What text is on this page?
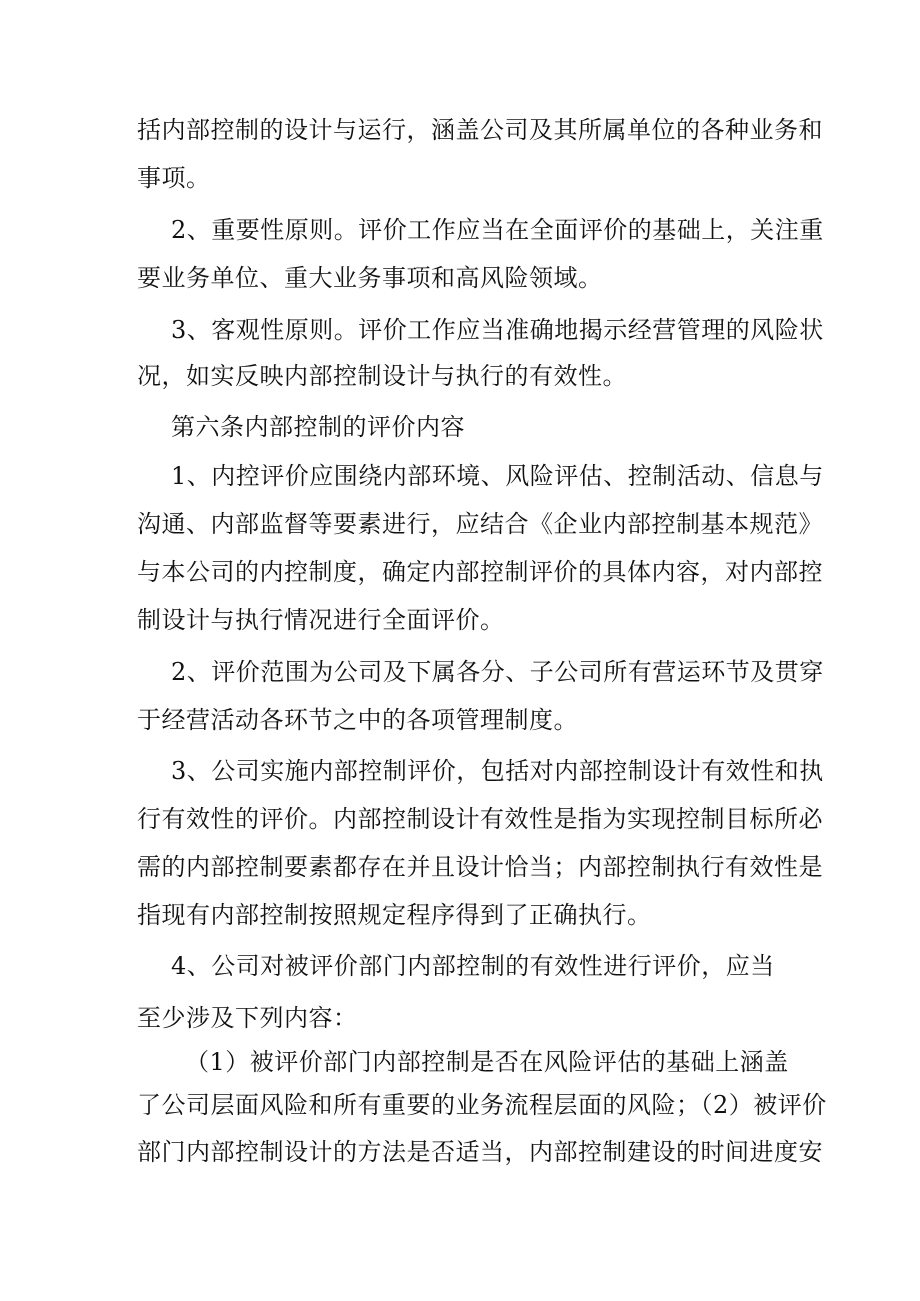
括内部控制的设计与运行，涵盖公司及其所属单位的各种业务和
事项。
2、重要性原则。评价工作应当在全面评价的基础上，关注重
要业务单位、重大业务事项和高风险领域。
3、客观性原则。评价工作应当准确地揭示经营管理的风险状
况，如实反映内部控制设计与执行的有效性。
第六条内部控制的评价内容
1、内控评价应围绕内部环境、风险评估、控制活动、信息与
沟通、内部监督等要素进行，应结合《企业内部控制基本规范》
与本公司的内控制度，确定内部控制评价的具体内容，对内部控
制设计与执行情况进行全面评价。
2、评价范围为公司及下属各分、子公司所有营运环节及贯穿
于经营活动各环节之中的各项管理制度。
3、公司实施内部控制评价，包括对内部控制设计有效性和执
行有效性的评价。内部控制设计有效性是指为实现控制目标所必
需的内部控制要素都存在并且设计恰当；内部控制执行有效性是
指现有内部控制按照规定程序得到了正确执行。
4、公司对被评价部门内部控制的有效性进行评价，应当
至少涉及下列内容：
（1）被评价部门内部控制是否在风险评估的基础上涵盖
了公司层面风险和所有重要的业务流程层面的风险；（2）被评价
部门内部控制设计的方法是否适当，内部控制建设的时间进度安
